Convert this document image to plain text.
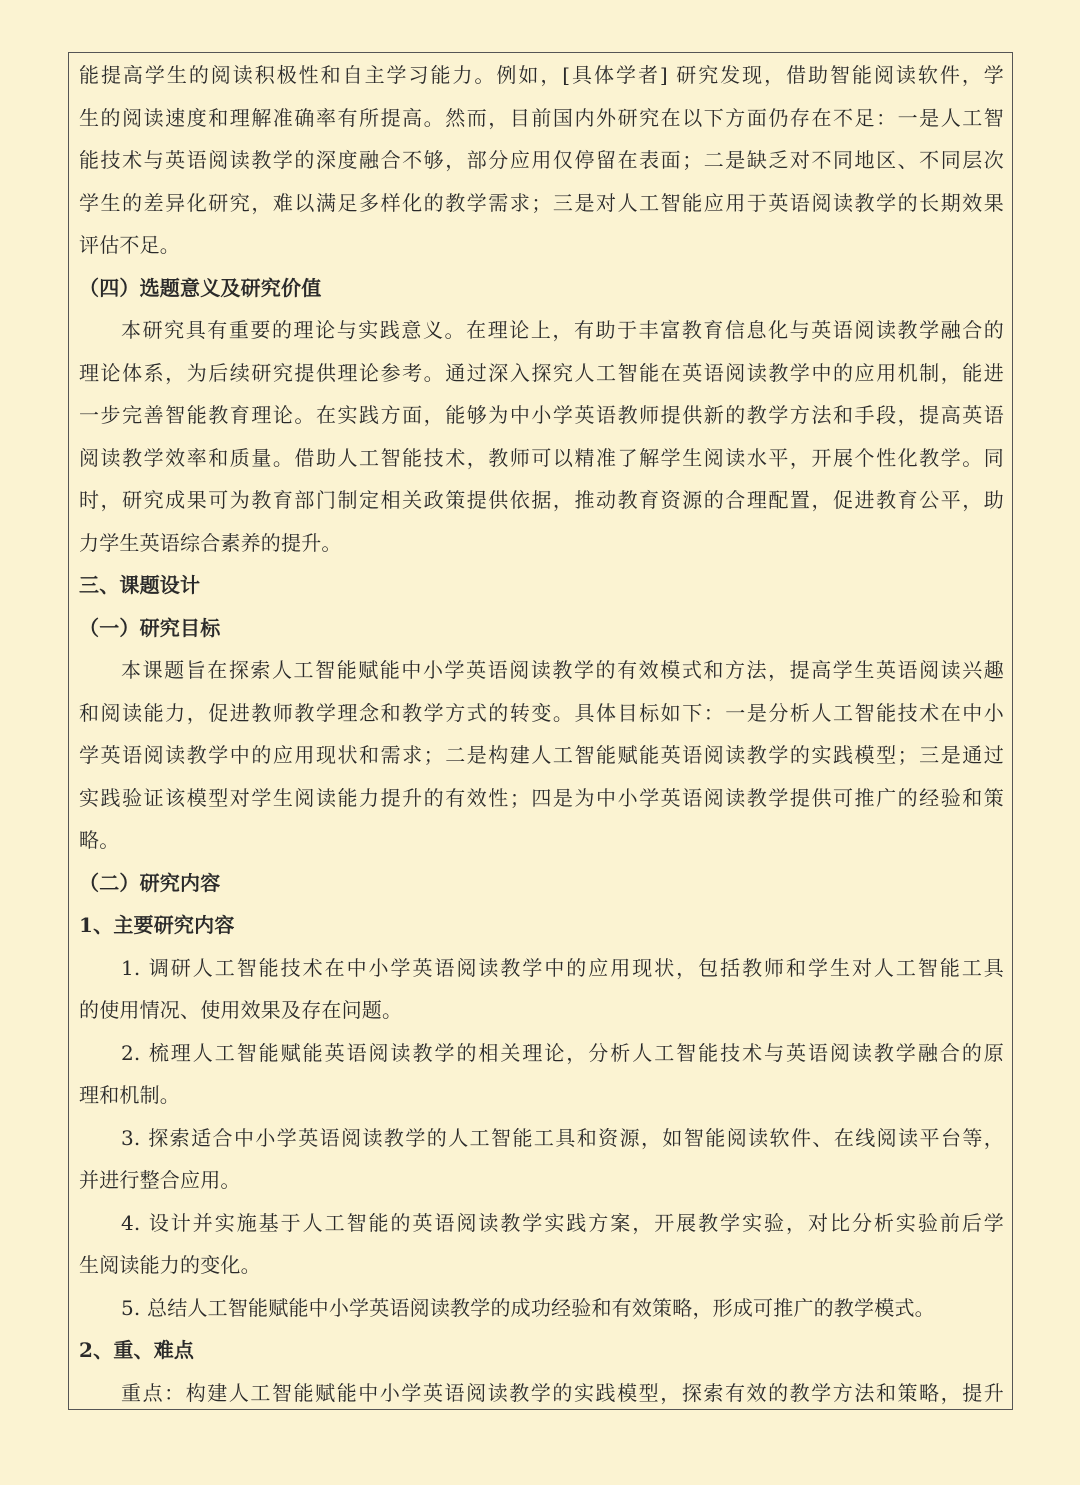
能提高学生的阅读积极性和自主学习能力。例如，[具体学者] 研究发现，借助智能阅读软件，学
生的阅读速度和理解准确率有所提高。然而，目前国内外研究在以下方面仍存在不足：一是人工智
能技术与英语阅读教学的深度融合不够，部分应用仅停留在表面；二是缺乏对不同地区、不同层次
学生的差异化研究，难以满足多样化的教学需求；三是对人工智能应用于英语阅读教学的长期效果
评估不足。
（四）选题意义及研究价值
本研究具有重要的理论与实践意义。在理论上，有助于丰富教育信息化与英语阅读教学融合的
理论体系，为后续研究提供理论参考。通过深入探究人工智能在英语阅读教学中的应用机制，能进
一步完善智能教育理论。在实践方面，能够为中小学英语教师提供新的教学方法和手段，提高英语
阅读教学效率和质量。借助人工智能技术，教师可以精准了解学生阅读水平，开展个性化教学。同
时，研究成果可为教育部门制定相关政策提供依据，推动教育资源的合理配置，促进教育公平，助
力学生英语综合素养的提升。
三、课题设计
（一）研究目标
本课题旨在探索人工智能赋能中小学英语阅读教学的有效模式和方法，提高学生英语阅读兴趣
和阅读能力，促进教师教学理念和教学方式的转变。具体目标如下：一是分析人工智能技术在中小
学英语阅读教学中的应用现状和需求；二是构建人工智能赋能英语阅读教学的实践模型；三是通过
实践验证该模型对学生阅读能力提升的有效性；四是为中小学英语阅读教学提供可推广的经验和策
略。
（二）研究内容
1、主要研究内容
1. 调研人工智能技术在中小学英语阅读教学中的应用现状，包括教师和学生对人工智能工具
的使用情况、使用效果及存在问题。
2. 梳理人工智能赋能英语阅读教学的相关理论，分析人工智能技术与英语阅读教学融合的原
理和机制。
3. 探索适合中小学英语阅读教学的人工智能工具和资源，如智能阅读软件、在线阅读平台等，
并进行整合应用。
4. 设计并实施基于人工智能的英语阅读教学实践方案，开展教学实验，对比分析实验前后学
生阅读能力的变化。
5. 总结人工智能赋能中小学英语阅读教学的成功经验和有效策略，形成可推广的教学模式。
2、重、难点
重点：构建人工智能赋能中小学英语阅读教学的实践模型，探索有效的教学方法和策略，提升
